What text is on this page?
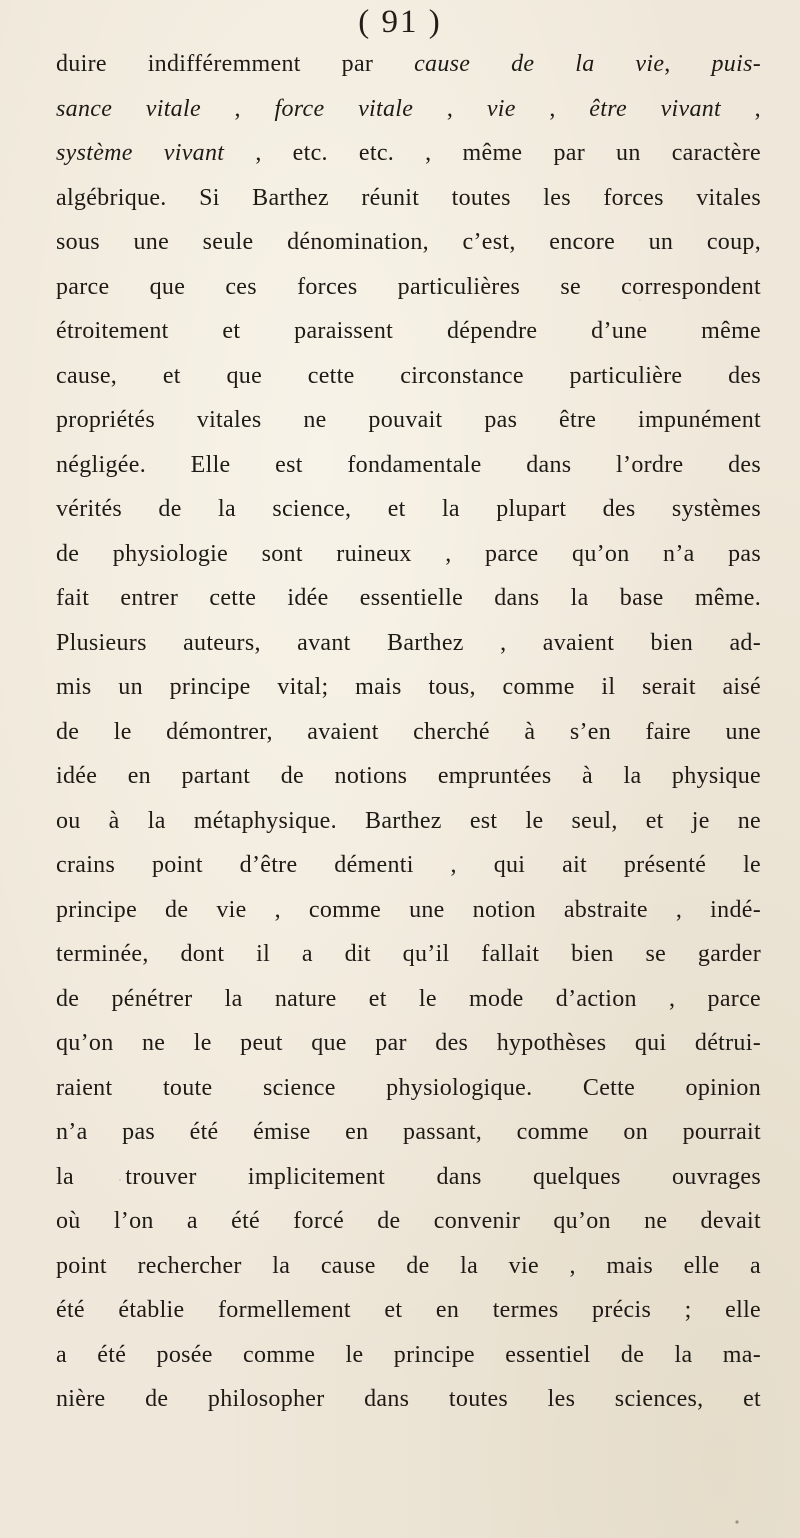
( 91 )
duire indifféremment par cause de la vie, puis-
sance vitale , force vitale , vie , être vivant ,
système vivant , etc. etc. , même par un caractère
algébrique. Si Barthez réunit toutes les forces vitales
sous une seule dénomination, c’est, encore un coup,
parce que ces forces particulières se correspondent
étroitement et paraissent dépendre d’une même
cause, et que cette circonstance particulière des
propriétés vitales ne pouvait pas être impunément
négligée. Elle est fondamentale dans l’ordre des
vérités de la science, et la plupart des systèmes
de physiologie sont ruineux , parce qu’on n’a pas
fait entrer cette idée essentielle dans la base même.
Plusieurs auteurs, avant Barthez , avaient bien ad-
mis un principe vital; mais tous, comme il serait aisé
de le démontrer, avaient cherché à s’en faire une
idée en partant de notions empruntées à la physique
ou à la métaphysique. Barthez est le seul, et je ne
crains point d’être démenti , qui ait présenté le
principe de vie , comme une notion abstraite , indé-
terminée, dont il a dit qu’il fallait bien se garder
de pénétrer la nature et le mode d’action , parce
qu’on ne le peut que par des hypothèses qui détrui-
raient toute science physiologique. Cette opinion
n’a pas été émise en passant, comme on pourrait
la trouver implicitement dans quelques ouvrages
où l’on a été forcé de convenir qu’on ne devait
point rechercher la cause de la vie , mais elle a
été établie formellement et en termes précis ; elle
a été posée comme le principe essentiel de la ma-
nière de philosopher dans toutes les sciences, et
